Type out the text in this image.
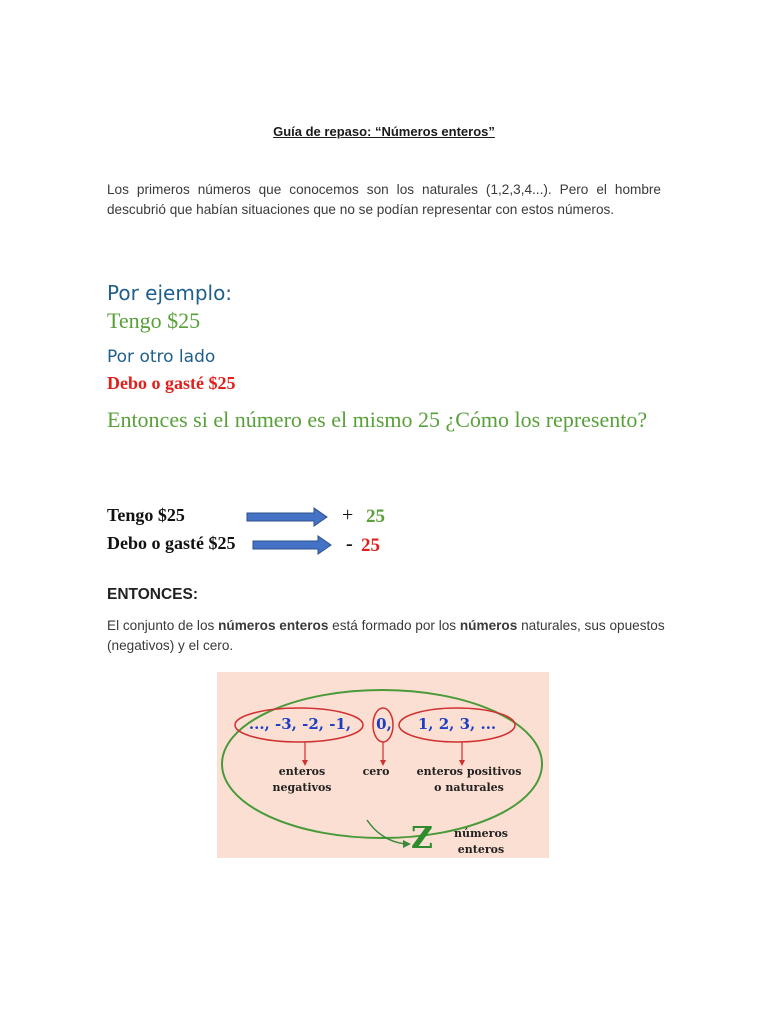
Guía de repaso: “Números enteros”
Los primeros números que conocemos son los naturales (1,2,3,4...). Pero el hombre descubrió que habían situaciones que no se podían representar con estos números.
Por ejemplo:
Tengo $25
Por otro lado
Debo o gasté $25
Entonces si el número es el mismo 25 ¿Cómo los represento?
Tengo $25	+ 25
Debo o gasté $25	- 25
ENTONCES:
El conjunto de los números enteros está formado por los números naturales, sus opuestos (negativos) y el cero.
..., -3, -2, -1,	0,	1, 2, 3, ...
enteros
negativos
cero	enteros positivos
o naturales
Z	números
enteros
